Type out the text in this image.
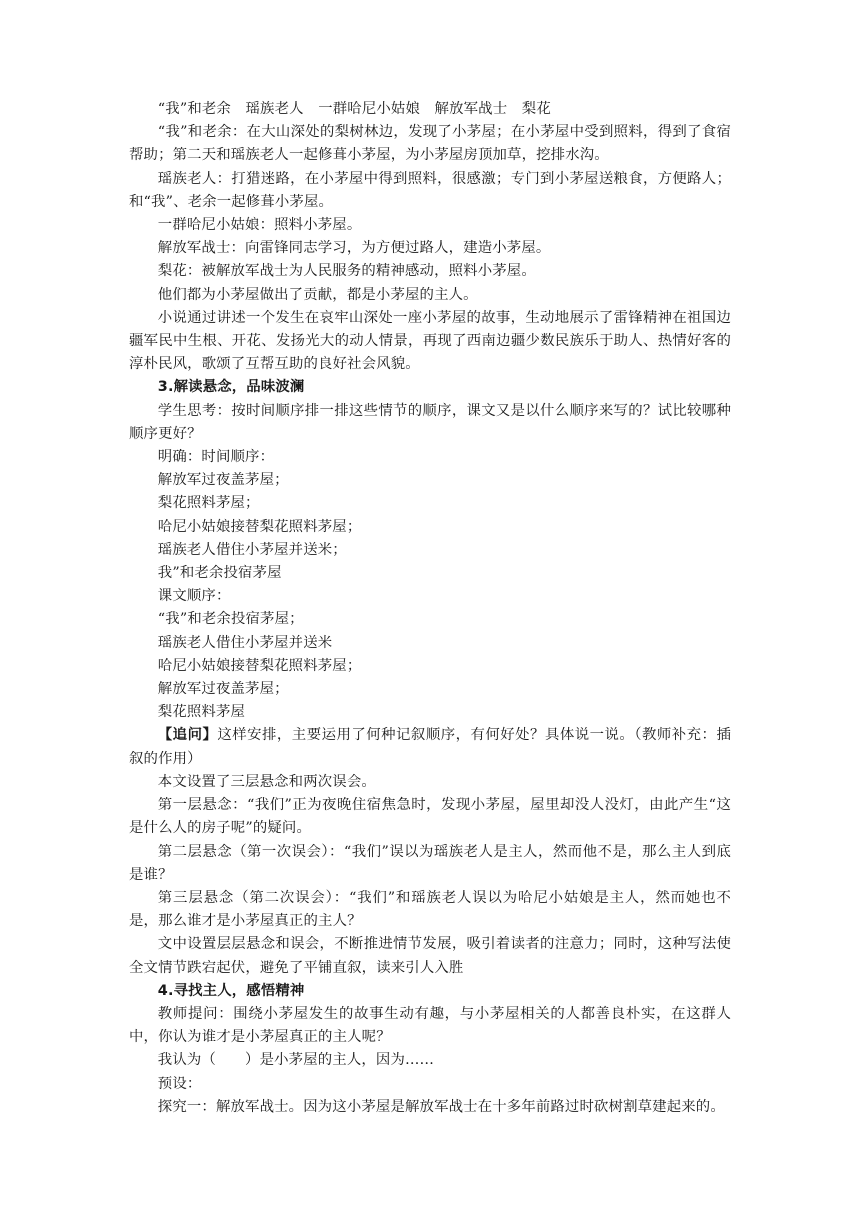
“我”和老余　瑶族老人　一群哈尼小姑娘　解放军战士　梨花

“我”和老余：在大山深处的梨树林边，发现了小茅屋；在小茅屋中受到照料，得到了食宿帮助；第二天和瑶族老人一起修葺小茅屋，为小茅屋房顶加草，挖排水沟。

瑶族老人：打猎迷路，在小茅屋中得到照料，很感激；专门到小茅屋送粮食，方便路人；和“我”、老余一起修葺小茅屋。

一群哈尼小姑娘：照料小茅屋。

解放军战士：向雷锋同志学习，为方便过路人，建造小茅屋。

梨花：被解放军战士为人民服务的精神感动，照料小茅屋。

他们都为小茅屋做出了贡献，都是小茅屋的主人。

小说通过讲述一个发生在哀牢山深处一座小茅屋的故事，生动地展示了雷锋精神在祖国边疆军民中生根、开花、发扬光大的动人情景，再现了西南边疆少数民族乐于助人、热情好客的淳朴民风，歌颂了互帮互助的良好社会风貌。

3.解读悬念，品味波澜

学生思考：按时间顺序排一排这些情节的顺序，课文又是以什么顺序来写的？试比较哪种顺序更好？

明确：时间顺序：

解放军过夜盖茅屋；

梨花照料茅屋；

哈尼小姑娘接替梨花照料茅屋；

瑶族老人借住小茅屋并送米；

我”和老余投宿茅屋

课文顺序：

“我”和老余投宿茅屋；

瑶族老人借住小茅屋并送米

哈尼小姑娘接替梨花照料茅屋；

解放军过夜盖茅屋；

梨花照料茅屋

【追问】这样安排，主要运用了何种记叙顺序，有何好处？具体说一说。（教师补充：插叙的作用）

本文设置了三层悬念和两次误会。

第一层悬念：“我们”正为夜晚住宿焦急时，发现小茅屋，屋里却没人没灯，由此产生“这是什么人的房子呢”的疑问。

第二层悬念（第一次误会）：“我们”误以为瑶族老人是主人，然而他不是，那么主人到底是谁？

第三层悬念（第二次误会）：“我们”和瑶族老人误以为哈尼小姑娘是主人，然而她也不是，那么谁才是小茅屋真正的主人？

文中设置层层悬念和误会，不断推进情节发展，吸引着读者的注意力；同时，这种写法使全文情节跌宕起伏，避免了平铺直叙，读来引人入胜

4.寻找主人，感悟精神

教师提问：围绕小茅屋发生的故事生动有趣，与小茅屋相关的人都善良朴实，在这群人中，你认为谁才是小茅屋真正的主人呢？

我认为（　　）是小茅屋的主人，因为……

预设：

探究一：解放军战士。因为这小茅屋是解放军战士在十多年前路过时砍树割草建起来的。
